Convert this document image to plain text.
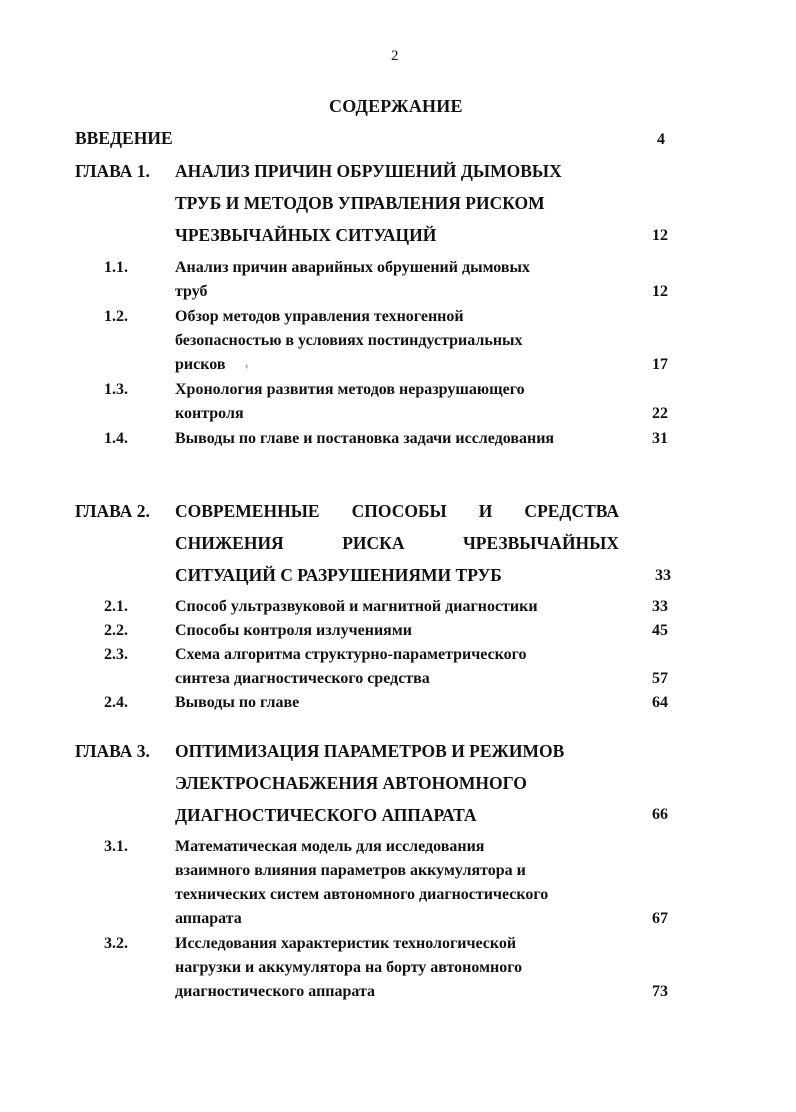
2
СОДЕРЖАНИЕ
ВВЕДЕНИЕ	4
ГЛАВА 1. АНАЛИЗ ПРИЧИН ОБРУШЕНИЙ ДЫМОВЫХ
ТРУБ И МЕТОДОВ УПРАВЛЕНИЯ РИСКОМ
ЧРЕЗВЫЧАЙНЫХ СИТУАЦИЙ	12
1.1.	Анализ причин аварийных обрушений дымовых
труб	12
1.2.	Обзор методов управления техногенной
безопасностью в условиях постиндустриальных
рисков ‹	17
1.3.	Хронология развития методов неразрушающего
контроля	22
1.4.	Выводы по главе и постановка задачи исследования	31
ГЛАВА 2. СОВРЕМЕННЫЕ СПОСОБЫ И СРЕДСТВА
СНИЖЕНИЯ РИСКА ЧРЕЗВЫЧАЙНЫХ
СИТУАЦИЙ С РАЗРУШЕНИЯМИ ТРУБ	33
2.1.	Способ ультразвуковой и магнитной диагностики	33
2.2.	Способы контроля излучениями	45
2.3.	Схема алгоритма структурно-параметрического
синтеза диагностического средства	57
2.4.	Выводы по главе	64
ГЛАВА 3. ОПТИМИЗАЦИЯ ПАРАМЕТРОВ И РЕЖИМОВ
ЭЛЕКТРОСНАБЖЕНИЯ АВТОНОМНОГО
ДИАГНОСТИЧЕСКОГО АППАРАТА	66
3.1.	Математическая модель для исследования
взаимного влияния параметров аккумулятора и
технических систем автономного диагностического
аппарата	67
3.2.	Исследования характеристик технологической
нагрузки и аккумулятора на борту автономного
диагностического аппарата	73
